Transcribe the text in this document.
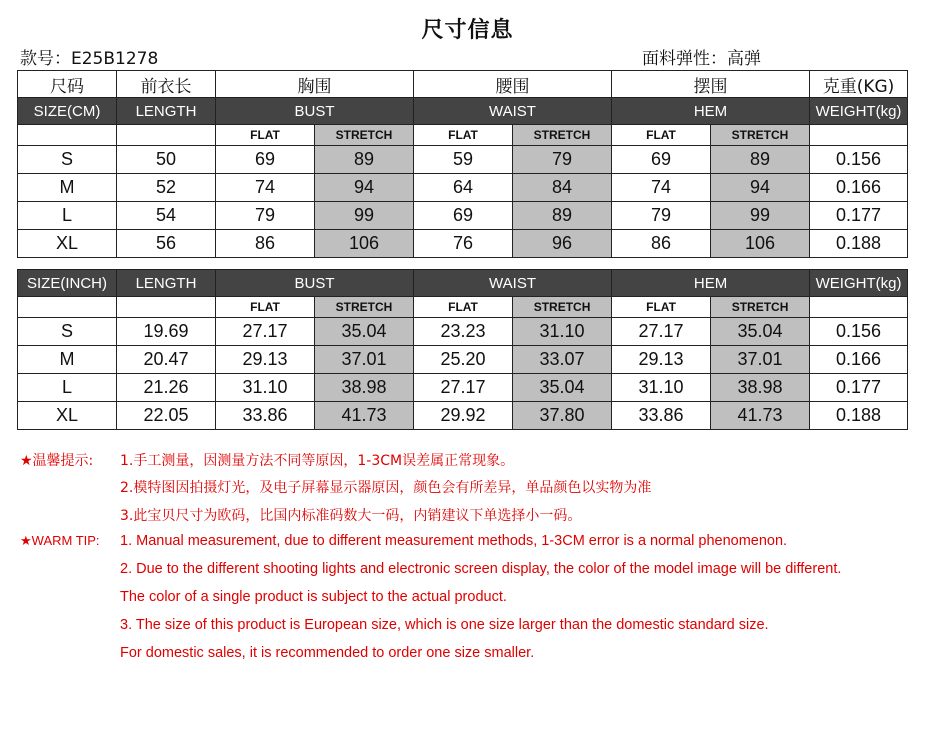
尺寸信息
款号：E25B1278	面料弹性：高弹
尺码	前衣长	胸围		腰围		摆围		克重(KG)
SIZE(CM)	LENGTH	BUST		WAIST		HEM		WEIGHT(kg)
		FLAT	STRETCH	FLAT	STRETCH	FLAT	STRETCH	
S	50	69	89	59	79	69	89	0.156
M	52	74	94	64	84	74	94	0.166
L	54	79	99	69	89	79	99	0.177
XL	56	86	106	76	96	86	106	0.188
SIZE(INCH)	LENGTH	BUST		WAIST		HEM		WEIGHT(kg)
		FLAT	STRETCH	FLAT	STRETCH	FLAT	STRETCH	
S	19.69	27.17	35.04	23.23	31.10	27.17	35.04	0.156
M	20.47	29.13	37.01	25.20	33.07	29.13	37.01	0.166
L	21.26	31.10	38.98	27.17	35.04	31.10	38.98	0.177
XL	22.05	33.86	41.73	29.92	37.80	33.86	41.73	0.188
★温馨提示: 1.手工测量，因测量方法不同等原因，1-3CM误差属正常现象。
2.模特图因拍摄灯光，及电子屏幕显示器原因，颜色会有所差异，单品颜色以实物为准
3.此宝贝尺寸为欧码，比国内标准码数大一码，内销建议下单选择小一码。
★WARM TIP: 1. Manual measurement, due to different measurement methods, 1-3CM error is a normal phenomenon.
2. Due to the different shooting lights and electronic screen display, the color of the model image will be different.
The color of a single product is subject to the actual product.
3. The size of this product is European size, which is one size larger than the domestic standard size.
For domestic sales, it is recommended to order one size smaller.
